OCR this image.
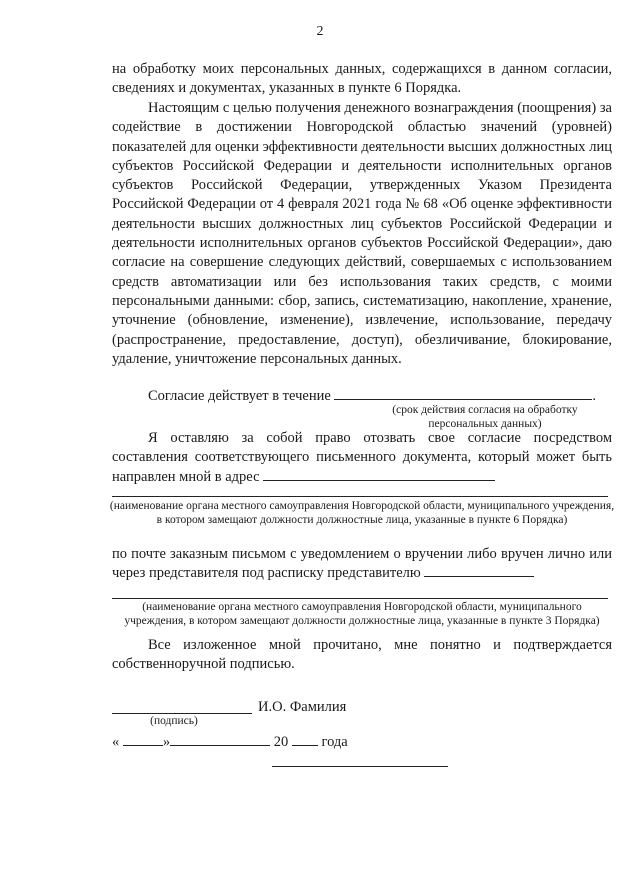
2

на обработку моих персональных данных, содержащихся в данном согласии, сведениях и документах, указанных в пункте 6 Порядка.

Настоящим с целью получения денежного вознаграждения (поощрения) за содействие в достижении Новгородской областью значений (уровней) показателей для оценки эффективности деятельности высших должностных лиц субъектов Российской Федерации и деятельности исполнительных органов субъектов Российской Федерации, утвержденных Указом Президента Российской Федерации от 4 февраля 2021 года № 68 «Об оценке эффективности деятельности высших должностных лиц субъектов Российской Федерации и деятельности исполнительных органов субъектов Российской Федерации», даю согласие на совершение следующих действий, совершаемых с использованием средств автоматизации или без использования таких средств, с моими персональными данными: сбор, запись, систематизацию, накопление, хранение, уточнение (обновление, изменение), извлечение, использование, передачу (распространение, предоставление, доступ), обезличивание, блокирование, удаление, уничтожение персональных данных.

Согласие действует в течение	.
(срок действия согласия на обработку персональных данных)

Я оставляю за собой право отозвать свое согласие посредством составления соответствующего письменного документа, который может быть направлен мной в адрес

(наименование органа местного самоуправления Новгородской области, муниципального учреждения, в котором замещают должности должностные лица, указанные в пункте 6 Порядка)

по почте заказным письмом с уведомлением о вручении либо вручен лично или через представителя под расписку представителю

(наименование органа местного самоуправления Новгородской области, муниципального учреждения, в котором замещают должности должностные лица, указанные в пункте 3 Порядка)

Все изложенное мной прочитано, мне понятно и подтверждается собственноручной подписью.

И.О. Фамилия
(подпись)
«	»	20 года
